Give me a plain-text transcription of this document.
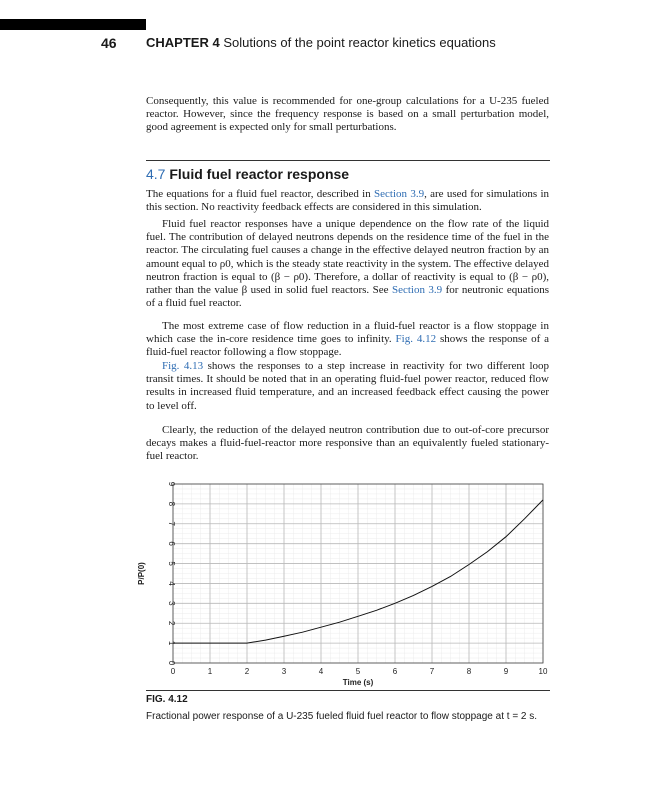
46 CHAPTER 4 Solutions of the point reactor kinetics equations

Consequently, this value is recommended for one-group calculations for a U-235 fueled reactor. However, since the frequency response is based on a small perturbation model, good agreement is expected only for small perturbations.

4.7 Fluid fuel reactor response

The equations for a fluid fuel reactor, described in Section 3.9, are used for simulations in this section. No reactivity feedback effects are considered in this simulation.

Fluid fuel reactor responses have a unique dependence on the flow rate of the liquid fuel. The contribution of delayed neutrons depends on the residence time of the fuel in the reactor. The circulating fuel causes a change in the effective delayed neutron fraction by an amount equal to ρ0, which is the steady state reactivity in the system. The effective delayed neutron fraction is equal to (β − ρ0). Therefore, a dollar of reactivity is equal to (β − ρ0), rather than the value β used in solid fuel reactors. See Section 3.9 for neutronic equations of a fluid fuel reactor.

The most extreme case of flow reduction in a fluid-fuel reactor is a flow stoppage in which case the in-core residence time goes to infinity. Fig. 4.12 shows the response of a fluid-fuel reactor following a flow stoppage.

Fig. 4.13 shows the responses to a step increase in reactivity for two different loop transit times. It should be noted that in an operating fluid-fuel power reactor, reduced flow results in increased fluid temperature, and an increased feedback effect causing the power to level off.

Clearly, the reduction of the delayed neutron contribution due to out-of-core precursor decays makes a fluid-fuel-reactor more responsive than an equivalently fueled stationary-fuel reactor.

0	1	2	3	4	5	6	7	8	9	10
0
1
2
3
4
5
6
7
8
9
Time (s)
P/P(0)
FIG. 4.12
Fractional power response of a U-235 fueled fluid fuel reactor to flow stoppage at t = 2 s.
